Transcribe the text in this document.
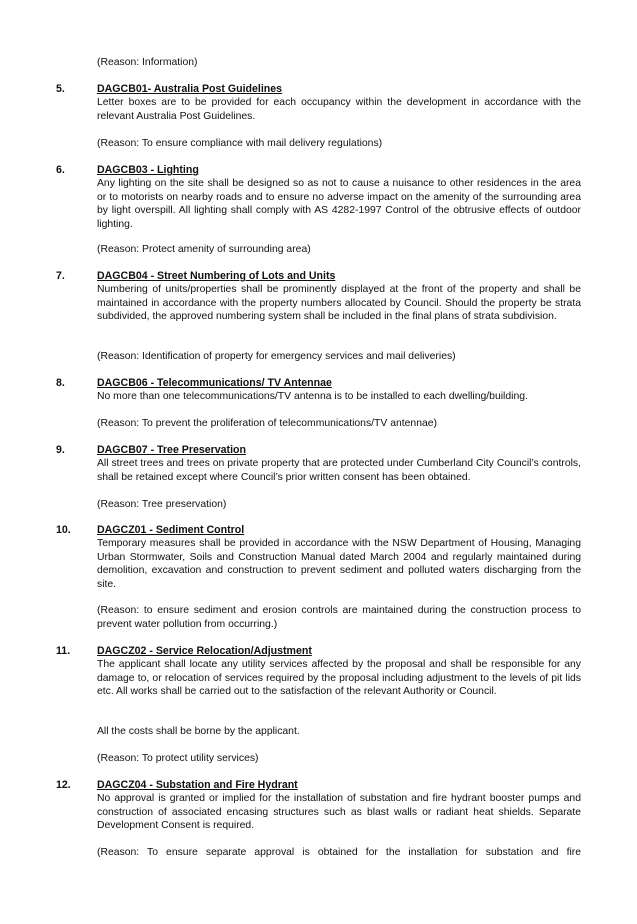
(Reason: Information)
5.	DAGCB01- Australia Post Guidelines
Letter boxes are to be provided for each occupancy within the development in accordance with the relevant Australia Post Guidelines.
(Reason: To ensure compliance with mail delivery regulations)
6.	DAGCB03 - Lighting
Any lighting on the site shall be designed so as not to cause a nuisance to other residences in the area or to motorists on nearby roads and to ensure no adverse impact on the amenity of the surrounding area by light overspill. All lighting shall comply with AS 4282-1997 Control of the obtrusive effects of outdoor lighting.
(Reason: Protect amenity of surrounding area)
7.	DAGCB04 - Street Numbering of Lots and Units
Numbering of units/properties shall be prominently displayed at the front of the property and shall be maintained in accordance with the property numbers allocated by Council. Should the property be strata subdivided, the approved numbering system shall be included in the final plans of strata subdivision.
(Reason: Identification of property for emergency services and mail deliveries)
8.	DAGCB06 - Telecommunications/ TV Antennae
No more than one telecommunications/TV antenna is to be installed to each dwelling/building.
(Reason: To prevent the proliferation of telecommunications/TV antennae)
9.	DAGCB07 - Tree Preservation
All street trees and trees on private property that are protected under Cumberland City Council’s controls, shall be retained except where Council’s prior written consent has been obtained.
(Reason: Tree preservation)
10. DAGCZ01 - Sediment Control
Temporary measures shall be provided in accordance with the NSW Department of Housing, Managing Urban Stormwater, Soils and Construction Manual dated March 2004 and regularly maintained during demolition, excavation and construction to prevent sediment and polluted waters discharging from the site.
(Reason: to ensure sediment and erosion controls are maintained during the construction process to prevent water pollution from occurring.)
11.	DAGCZ02 - Service Relocation/Adjustment
The applicant shall locate any utility services affected by the proposal and shall be responsible for any damage to, or relocation of services required by the proposal including adjustment to the levels of pit lids etc. All works shall be carried out to the satisfaction of the relevant Authority or Council.
All the costs shall be borne by the applicant.
(Reason: To protect utility services)
12. DAGCZ04 - Substation and Fire Hydrant
No approval is granted or implied for the installation of substation and fire hydrant booster pumps and construction of associated encasing structures such as blast walls or radiant heat shields. Separate Development Consent is required.
(Reason: To ensure separate approval is obtained for the installation for substation and fire
